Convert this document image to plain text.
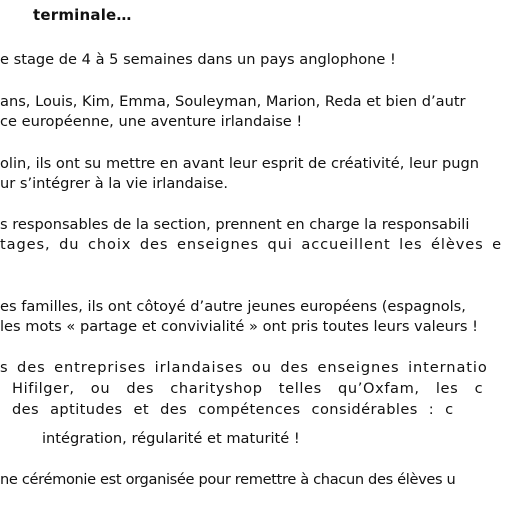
terminale…
e stage de 4 à 5 semaines dans un pays anglophone !
ans, Louis, Kim, Emma, Souleyman, Marion, Reda et bien d’autr
ce européenne, une aventure irlandaise !
olin, ils ont su mettre en avant leur esprit de créativité, leur pugn
ur s’intégrer à la vie irlandaise.
s responsables de la section, prennent en charge la responsabili
tages, du choix des enseignes qui accueillent les élèves e
es familles, ils ont côtoyé d’autre jeunes européens (espagnols,
les mots « partage et convivialité » ont pris toutes leurs valeurs !
s des entreprises irlandaises ou des enseignes internatio
Hifilger, ou des charityshop telles qu’Oxfam, les c
des aptitudes et des compétences considérables : c
intégration, régularité et maturité !
ne cérémonie est organisée pour remettre à chacun des élèves u
